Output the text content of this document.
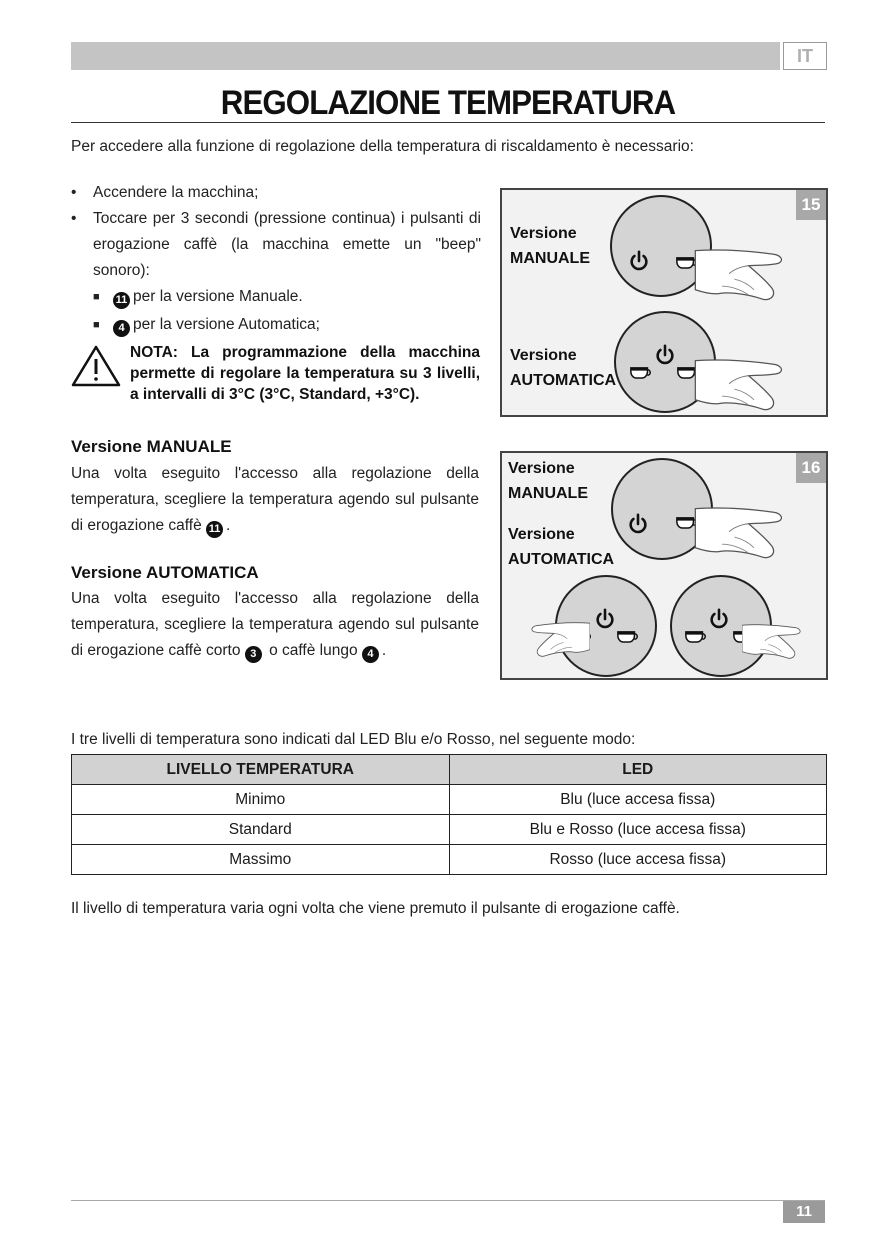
IT
REGOLAZIONE TEMPERATURA
Per accedere alla funzione di regolazione della temperatura di riscaldamento è necessario:
• Accendere la macchina;
• Toccare per 3 secondi (pressione continua) i pulsanti di erogazione caffè (la macchina emette un "beep" sonoro):
■ 11 per la versione Manuale.
■ 4 per la versione Automatica;
NOTA: La programmazione della macchina permette di regolare la temperatura su 3 livelli, a intervalli di 3°C (3°C, Standard, +3°C).
Versione MANUALE
Una volta eseguito l'accesso alla regolazione della temperatura, scegliere la temperatura agendo sul pulsante di erogazione caffè 11 .
Versione AUTOMATICA
Una volta eseguito l'accesso alla regolazione della temperatura, scegliere la temperatura agendo sul pulsante di erogazione caffè corto 3 o caffè lungo 4 .
15
Versione
MANUALE
Versione
AUTOMATICA
16
Versione
MANUALE
Versione
AUTOMATICA
I tre livelli di temperatura sono indicati dal LED Blu e/o Rosso, nel seguente modo:
LIVELLO TEMPERATURA	LED
Minimo	Blu (luce accesa fissa)
Standard	Blu e Rosso (luce accesa fissa)
Massimo	Rosso (luce accesa fissa)
Il livello di temperatura varia ogni volta che viene premuto il pulsante di erogazione caffè.
11
